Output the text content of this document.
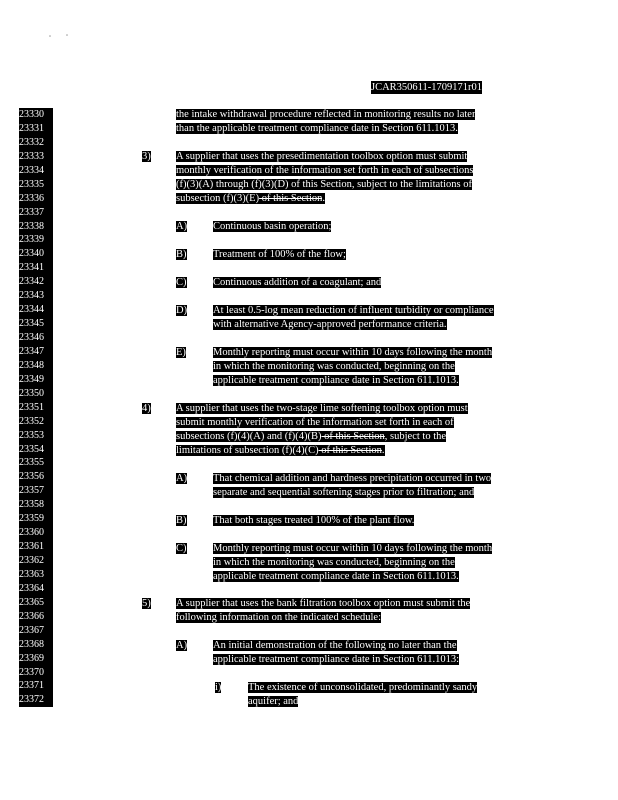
JCAR350611-1709171r01
23330
23331
23332
23333
23334
23335
23336
23337
23338
23339
23340
23341
23342
23343
23344
23345
23346
23347
23348
23349
23350
23351
23352
23353
23354
23355
23356
23357
23358
23359
23360
23361
23362
23363
23364
23365
23366
23367
23368
23369
23370
23371
23372
the intake withdrawal procedure reflected in monitoring results no later
than the applicable treatment compliance date in Section 611.1013.
3) A supplier that uses the presedimentation toolbox option must submit
monthly verification of the information set forth in each of subsections
(f)(3)(A) through (f)(3)(D) of this Section, subject to the limitations of
subsection (f)(3)(E) of this Section.
A) Continuous basin operation;
B)	Treatment of 100% of the flow;
C)	Continuous addition of a coagulant; and
D) At least 0.5-log mean reduction of influent turbidity or compliance
with alternative Agency-approved performance criteria.
E)	Monthly reporting must occur within 10 days following the month
in which the monitoring was conducted, beginning on the
applicable treatment compliance date in Section 611.1013.
4) A supplier that uses the two-stage lime softening toolbox option must
submit monthly verification of the information set forth in each of
subsections (f)(4)(A) and (f)(4)(B) of this Section, subject to the
limitations of subsection (f)(4)(C) of this Section.
A) That chemical addition and hardness precipitation occurred in two
separate and sequential softening stages prior to filtration; and
B)	That both stages treated 100% of the plant flow.
C)	Monthly reporting must occur within 10 days following the month
in which the monitoring was conducted, beginning on the
applicable treatment compliance date in Section 611.1013.
5) A supplier that uses the bank filtration toolbox option must submit the
following information on the indicated schedule:
A) An initial demonstration of the following no later than the
applicable treatment compliance date in Section 611.1013:
i)	The existence of unconsolidated, predominantly sandy
aquifer; and
